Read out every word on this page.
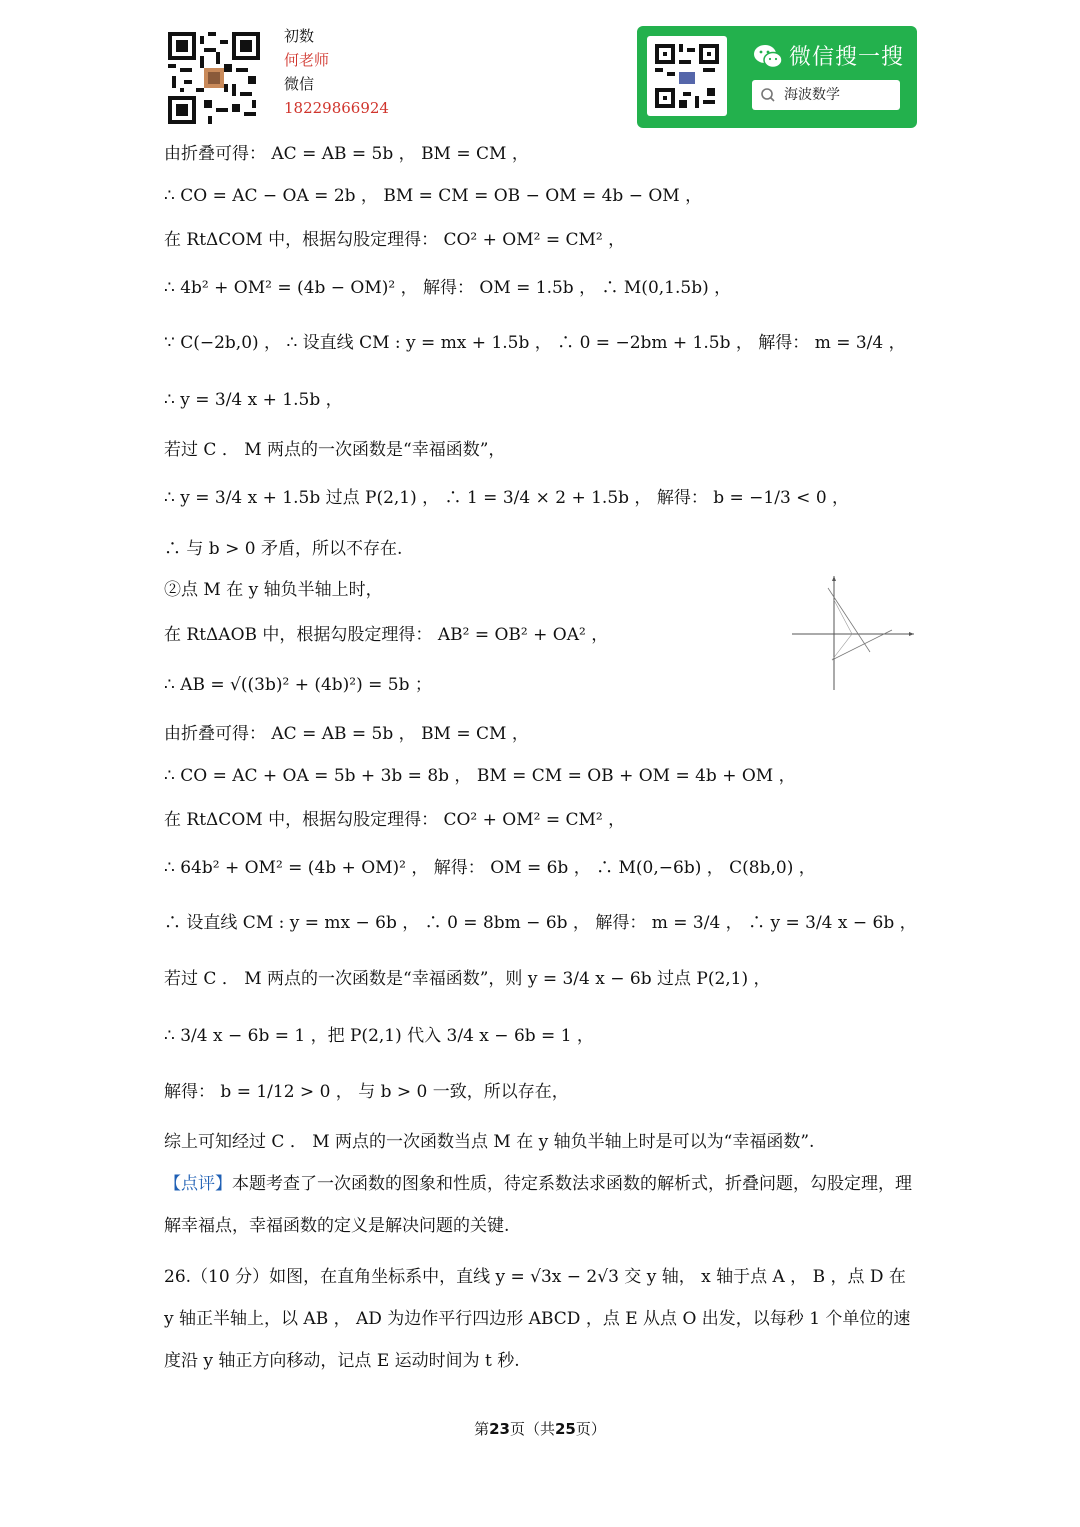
初数
何老师
微信
18229866924
微信搜一搜
海波数学
由折叠可得： AC = AB = 5b ， BM = CM ，
∴ CO = AC − OA = 2b ， BM = CM = OB − OM = 4b − OM ，
在 RtΔCOM 中，根据勾股定理得： CO² + OM² = CM² ，
∴ 4b² + OM² = (4b − OM)² ， 解得： OM = 1.5b ， ∴ M(0,1.5b) ，
∵ C(−2b,0) ， ∴ 设直线 CM : y = mx + 1.5b ， ∴ 0 = −2bm + 1.5b ， 解得： m = 3/4 ，
∴ y = 3/4 x + 1.5b ，
若过 C ． M 两点的一次函数是“幸福函数”，
∴ y = 3/4 x + 1.5b 过点 P(2,1) ， ∴ 1 = 3/4 × 2 + 1.5b ， 解得： b = −1/3 < 0 ，
∴ 与 b > 0 矛盾，所以不存在.
②点 M 在 y 轴负半轴上时，
在 RtΔAOB 中，根据勾股定理得： AB² = OB² + OA² ，
∴ AB = √((3b)² + (4b)²) = 5b ；
由折叠可得： AC = AB = 5b ， BM = CM ，
∴ CO = AC + OA = 5b + 3b = 8b ， BM = CM = OB + OM = 4b + OM ，
在 RtΔCOM 中，根据勾股定理得： CO² + OM² = CM² ，
∴ 64b² + OM² = (4b + OM)² ， 解得： OM = 6b ， ∴ M(0,−6b) ， C(8b,0) ，
∴ 设直线 CM : y = mx − 6b ， ∴ 0 = 8bm − 6b ， 解得： m = 3/4 ， ∴ y = 3/4 x − 6b ，
若过 C ． M 两点的一次函数是“幸福函数”，则 y = 3/4 x − 6b 过点 P(2,1) ，
∴ 3/4 x − 6b = 1 ，把 P(2,1) 代入 3/4 x − 6b = 1 ，
解得： b = 1/12 > 0 ， 与 b > 0 一致，所以存在，
综上可知经过 C ． M 两点的一次函数当点 M 在 y 轴负半轴上时是可以为“幸福函数”.
【点评】本题考查了一次函数的图象和性质，待定系数法求函数的解析式，折叠问题，勾股定理，理解幸福点，幸福函数的定义是解决问题的关键.
26.（10 分）如图，在直角坐标系中，直线 y = √3x − 2√3 交 y 轴， x 轴于点 A ， B ，点 D 在 y 轴正半轴上，以 AB ， AD 为边作平行四边形 ABCD ，点 E 从点 O 出发，以每秒 1 个单位的速度沿 y 轴正方向移动，记点 E 运动时间为 t 秒.
第23页（共25页）
